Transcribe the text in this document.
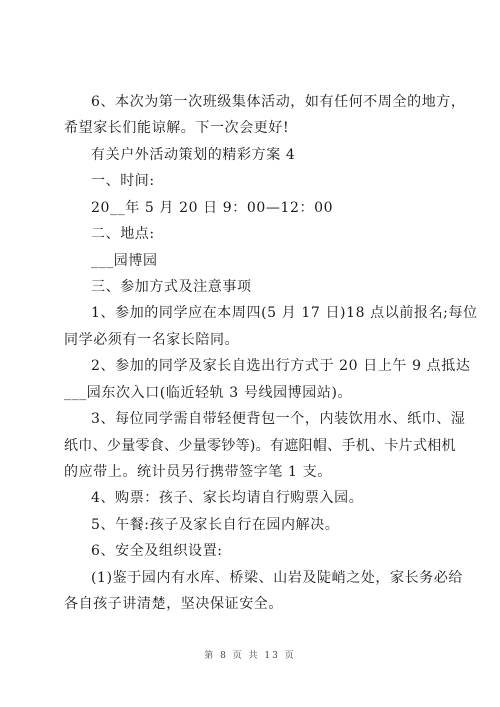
6、本次为第一次班级集体活动，如有任何不周全的地方，
希望家长们能谅解。下一次会更好!
有关户外活动策划的精彩方案 4
一、时间:
20__年 5 月 20 日 9：00—12：00
二、地点:
___园博园
三、参加方式及注意事项
1、参加的同学应在本周四(5 月 17 日)18 点以前报名;每位
同学必须有一名家长陪同。
2、参加的同学及家长自选出行方式于 20 日上午 9 点抵达
___园东次入口(临近轻轨 3 号线园博园站)。
3、每位同学需自带轻便背包一个，内装饮用水、纸巾、湿
纸巾、少量零食、少量零钞等)。有遮阳帽、手机、卡片式相机
的应带上。统计员另行携带签字笔 1 支。
4、购票：孩子、家长均请自行购票入园。
5、午餐:孩子及家长自行在园内解决。
6、安全及组织设置:
(1)鉴于园内有水库、桥梁、山岩及陡峭之处，家长务必给
各自孩子讲清楚，坚决保证安全。
第 8 页 共 13 页
